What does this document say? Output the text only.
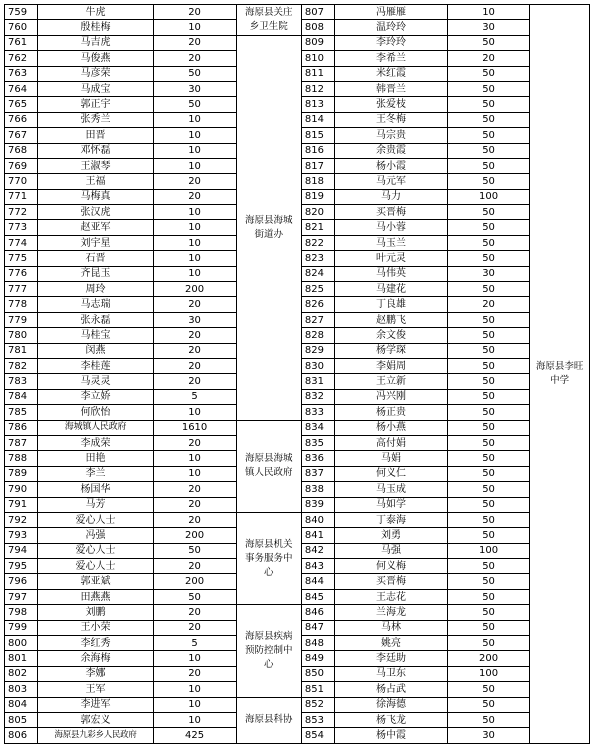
759	牛虎	20	海原县关庄乡卫生院	807	冯雁雁	10	海原县李旺中学
760	殷桂梅	10		808	温玲玲	30	
761	马吉虎	20	海原县海城街道办	809	李玲玲	50	
762	马俊燕	20		810	李希兰	20	
763	马彦荣	50		811	米红霞	50	
764	马成宝	30		812	韩晋兰	50	
765	郭正宇	50		813	张爱枝	50	
766	张秀兰	10		814	王冬梅	50	
767	田晋	10		815	马宗贵	50	
768	邓怀磊	10		816	余贵霞	50	
769	王淑琴	10		817	杨小霞	50	
770	王福	20		818	马元军	50	
771	马梅真	20		819	马力	100	
772	张汉虎	10		820	买晋梅	50	
773	赵亚军	10		821	马小蓉	50	
774	刘宇星	10		822	马玉兰	50	
775	石晋	10		823	叶元灵	50	
776	齐昆玉	10		824	马伟英	30	
777	周玲	200		825	马建花	50	
778	马志瑞	20		826	丁良雄	20	
779	张永磊	30		827	赵鹏飞	50	
780	马桂宝	20		828	余文俊	50	
781	闵燕	20		829	杨学琛	50	
782	李桂莲	20		830	李娟周	50	
783	马灵灵	20		831	王立新	50	
784	李立娇	5		832	冯兴刚	50	
785	何欣怡	10		833	杨正贵	50	
786	海城镇人民政府	1610	海原县海城镇人民政府	834	杨小燕	50	
787	李成荣	20		835	高付娟	50	
788	田艳	10		836	马娟	50	
789	李兰	10		837	何义仁	50	
790	杨国华	20		838	马玉成	50	
791	马芳	20		839	马如学	50	
792	爱心人士	20	海原县机关事务服务中心	840	丁泰海	50	
793	冯强	200		841	刘勇	50	
794	爱心人士	50		842	马强	100	
795	爱心人士	20		843	何义梅	50	
796	郭亚斌	200		844	买晋梅	50	
797	田燕燕	50		845	王志花	50	
798	刘鹏	20	海原县疾病预防控制中心	846	兰海龙	50	
799	王小荣	20		847	马林	50	
800	李红秀	5		848	姚亮	50	
801	余海梅	10		849	李廷助	200	
802	李娜	20		850	马卫东	100	
803	王军	10		851	杨占武	50	
804	李进军	10	海原县科协	852	徐海德	50	
805	郭宏义	10		853	杨飞龙	50	
806	海原县九彩乡人民政府	425		854	杨中霞	30	
